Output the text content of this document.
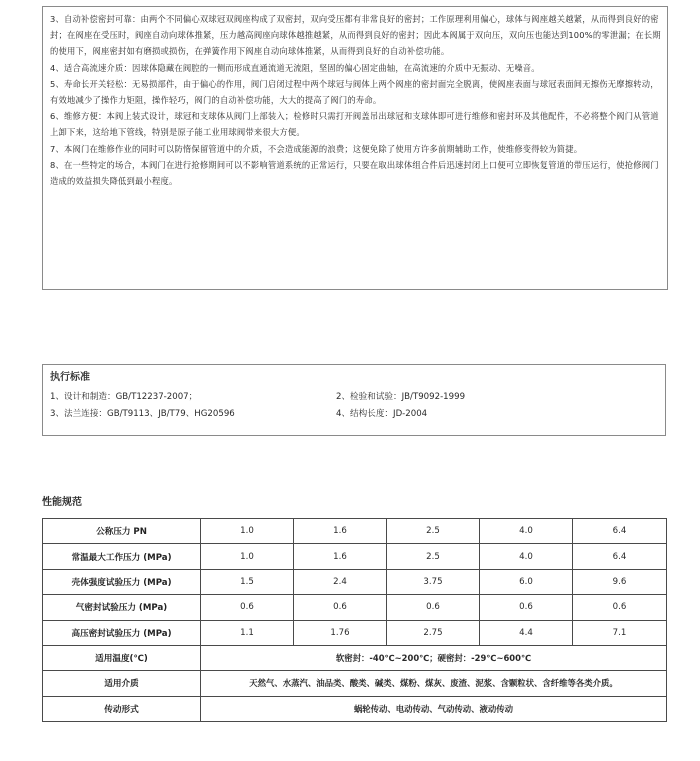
3、自动补偿密封可靠：由两个不同偏心双球冠双阀座构成了双密封，双向受压都有非常良好的密封；工作原理利用偏心，球体与阀座越关越紧，从而得到良好的密封；在阀座在受压时，阀座自动向球体推紧，压力越高阀座向球体越推越紧，从而得到良好的密封；因此本阀属于双向压，双向压也能达到100%的零泄漏；在长期的使用下，阀座密封如有磨损或损伤，在弹簧作用下阀座自动向球体推紧，从而得到良好的自动补偿功能。

4、适合高流速介质：因球体隐藏在阀腔的一侧而形成直通流道无流阻，坚固的偏心固定曲轴，在高流速的介质中无振动、无噪音。

5、寿命长开关轻松：无易损部件，由于偏心的作用，阀门启闭过程中两个球冠与阀体上两个阀座的密封面完全脱离，使阀座表面与球冠表面间无擦伤无摩擦转动，有效地减少了操作力矩阻，操作轻巧，阀门的自动补偿功能，大大的提高了阀门的寿命。

6、维修方便：本阀上装式设计，球冠和支球体从阀门上部装入；检修时只需打开阀盖吊出球冠和支球体即可进行维修和密封环及其他配件，不必将整个阀门从管道上卸下来，这给地下管线，特别是原子能工业用球阀带来很大方便。

7、本阀门在维修作业的同时可以防惰保留管道中的介质，不会造成能源的浪费；这便免除了使用方许多前期辅助工作，使维修变得较为简捷。

8、在一些特定的场合，本阀门在进行抢修期间可以不影响管道系统的正常运行，只要在取出球体组合件后迅速封闭上口便可立即恢复管道的带压运行，使抢修阀门造成的效益损失降低到最小程度。

执行标准

1、设计和制造：GB/T12237-2007；	2、检验和试验：JB/T9092-1999
3、法兰连接：GB/T9113、JB/T79、HG20596	4、结构长度：JD-2004

性能规范

公称压力 PN	1.0	1.6	2.5	4.0	6.4
常温最大工作压力 (MPa)	1.0	1.6	2.5	4.0	6.4
壳体强度试验压力 (MPa)	1.5	2.4	3.75	6.0	9.6
气密封试验压力 (MPa)	0.6	0.6	0.6	0.6	0.6
高压密封试验压力 (MPa)	1.1	1.76	2.75	4.4	7.1
适用温度(℃)	软密封：-40℃~200℃；硬密封：-29℃~600℃				
适用介质	天然气、水蒸汽、油品类、酸类、碱类、煤粉、煤灰、废渣、泥浆、含颗粒状、含纤维等各类介质。				
传动形式	蜗轮传动、电动传动、气动传动、液动传动				
